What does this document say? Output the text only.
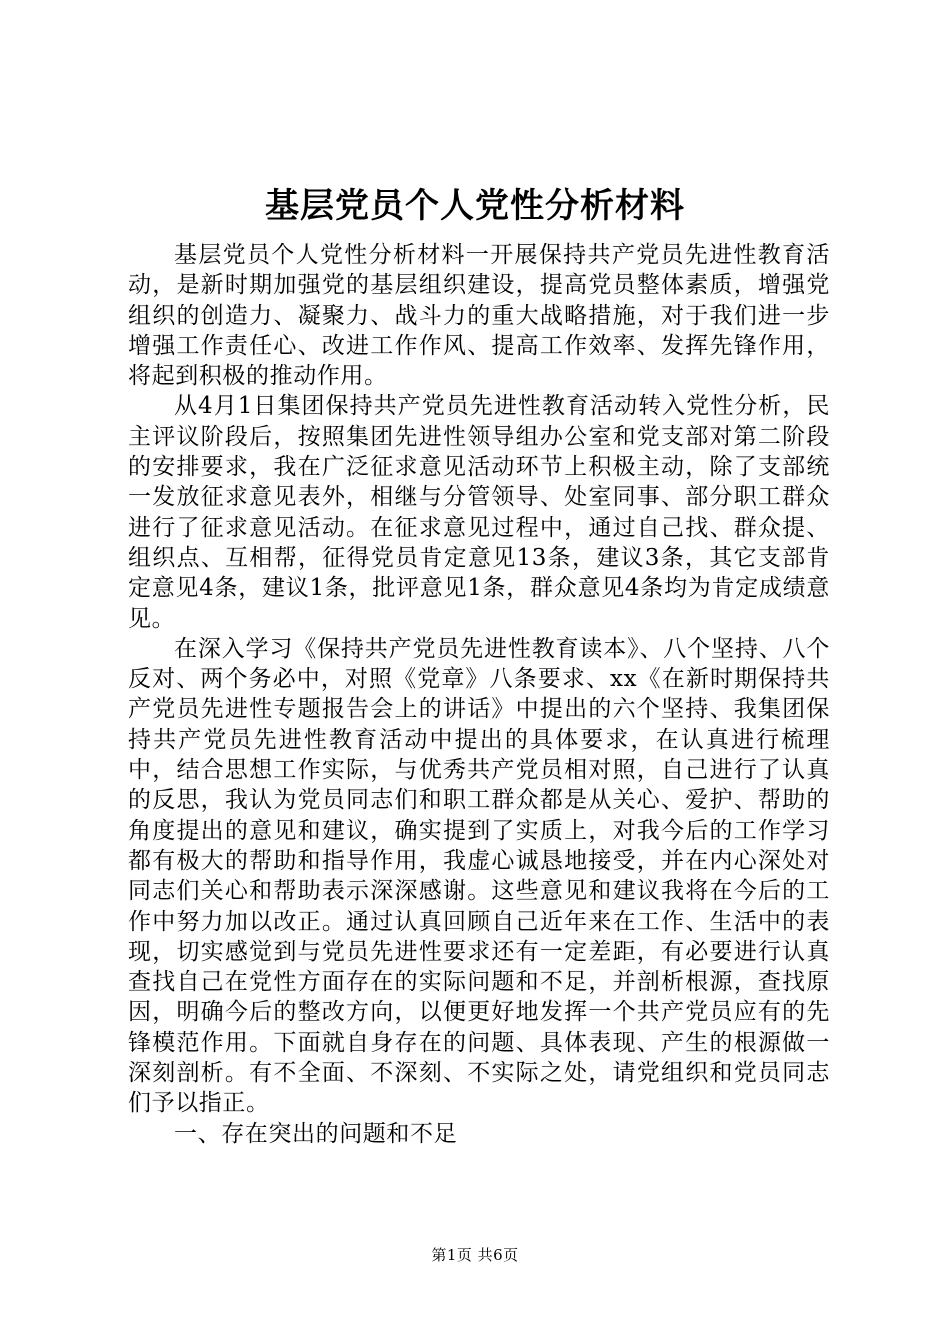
基层党员个人党性分析材料

基层党员个人党性分析材料一开展保持共产党员先进性教育活动，是新时期加强党的基层组织建设，提高党员整体素质，增强党组织的创造力、凝聚力、战斗力的重大战略措施，对于我们进一步增强工作责任心、改进工作作风、提高工作效率、发挥先锋作用，将起到积极的推动作用。

从4月1日集团保持共产党员先进性教育活动转入党性分析，民主评议阶段后，按照集团先进性领导组办公室和党支部对第二阶段的安排要求，我在广泛征求意见活动环节上积极主动，除了支部统一发放征求意见表外，相继与分管领导、处室同事、部分职工群众进行了征求意见活动。在征求意见过程中，通过自己找、群众提、组织点、互相帮，征得党员肯定意见13条，建议3条，其它支部肯定意见4条，建议1条，批评意见1条，群众意见4条均为肯定成绩意见。

在深入学习《保持共产党员先进性教育读本》、八个坚持、八个反对、两个务必中，对照《党章》八条要求、xx《在新时期保持共产党员先进性专题报告会上的讲话》中提出的六个坚持、我集团保持共产党员先进性教育活动中提出的具体要求，在认真进行梳理中，结合思想工作实际，与优秀共产党员相对照，自己进行了认真的反思，我认为党员同志们和职工群众都是从关心、爱护、帮助的角度提出的意见和建议，确实提到了实质上，对我今后的工作学习都有极大的帮助和指导作用，我虚心诚恳地接受，并在内心深处对同志们关心和帮助表示深深感谢。这些意见和建议我将在今后的工作中努力加以改正。通过认真回顾自己近年来在工作、生活中的表现，切实感觉到与党员先进性要求还有一定差距，有必要进行认真查找自己在党性方面存在的实际问题和不足，并剖析根源，查找原因，明确今后的整改方向，以便更好地发挥一个共产党员应有的先锋模范作用。下面就自身存在的问题、具体表现、产生的根源做一深刻剖析。有不全面、不深刻、不实际之处，请党组织和党员同志们予以指正。

一、存在突出的问题和不足

第1页 共6页
